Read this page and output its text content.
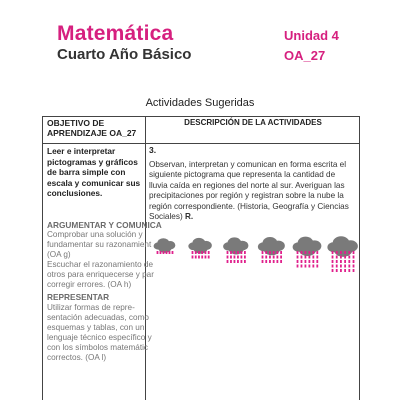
Matemática
Cuarto Año Básico
Unidad 4
OA_27
Actividades Sugeridas
OBJETIVO DE APRENDIZAJE OA_27
DESCRIPCIÓN DE LA ACTIVIDADES
Leer e interpretar pictogramas y gráficos de barra simple con escala y comunicar sus conclusiones.
ARGUMENTAR Y COMUNICA
Comprobar una solución y
fundamentar su razonamient
(OA g)
Escuchar el razonamiento de
otros para enriquecerse y par
corregir errores. (OA h)
REPRESENTAR
Utilizar formas de repre-
sentación adecuadas, como
esquemas y tablas, con un
lenguaje técnico específico y
con los símbolos matemátic
correctos. (OA l)
3.
Observan, interpretan y comunican en forma escrita el siguiente pictograma que representa la cantidad de lluvia caída en regiones del norte al sur. Averiguan las precipitaciones por región y registran sobre la nube la región correspondiente. (Historia, Geografía y Ciencias Sociales) R.
